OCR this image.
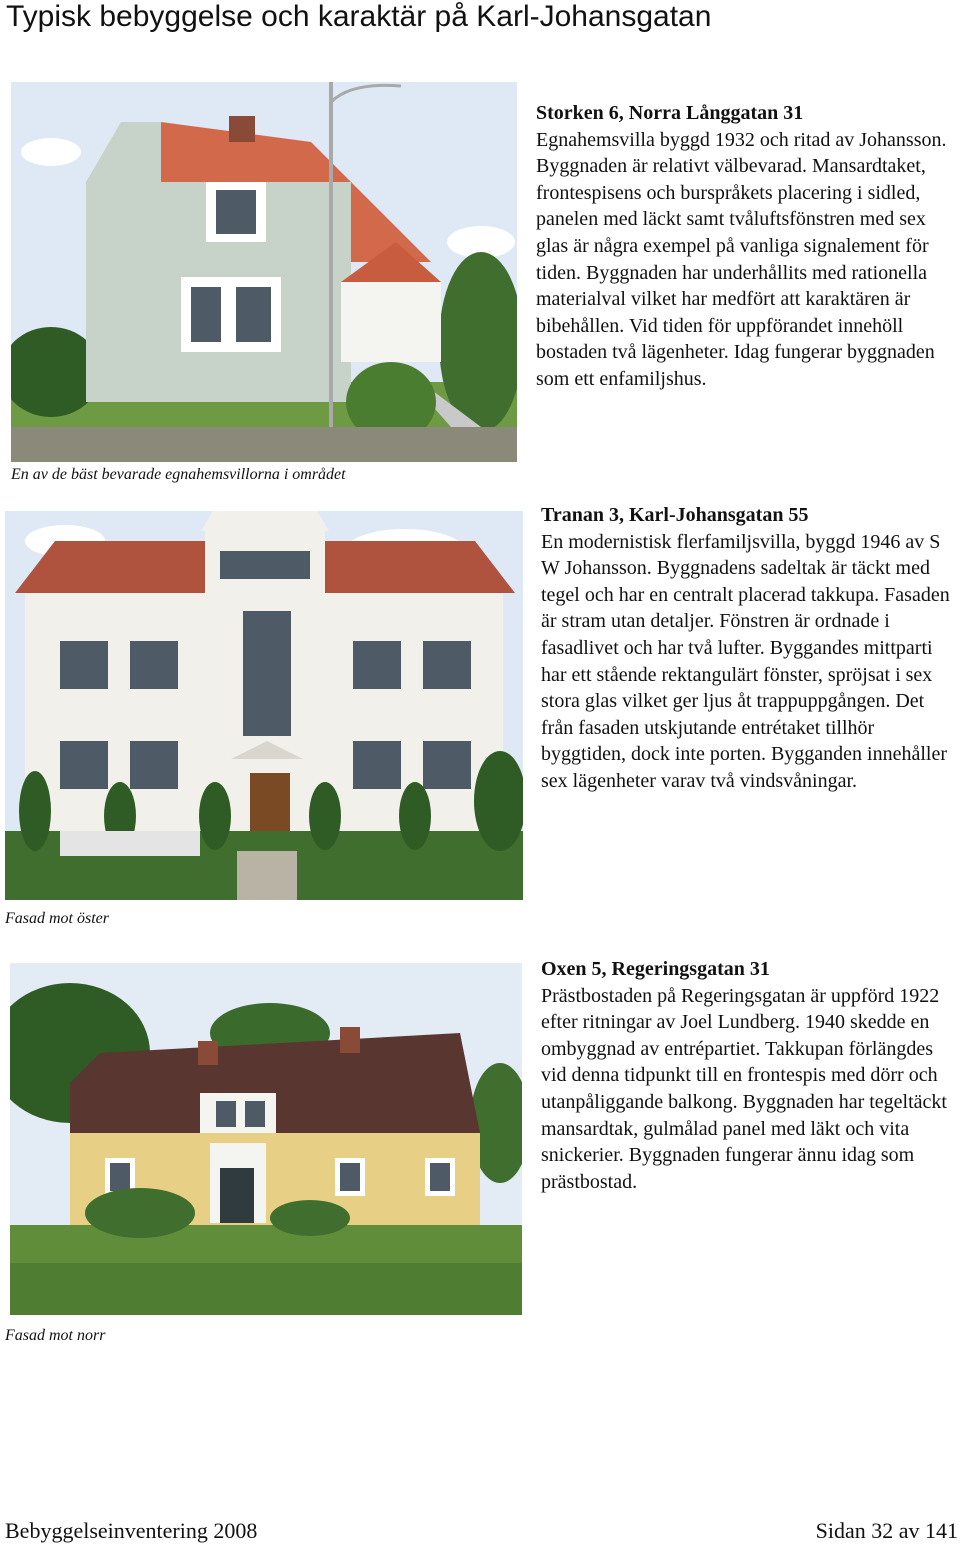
Typisk bebyggelse och karaktär på Karl-Johansgatan
Storken 6, Norra Långgatan 31
Egnahemsvilla byggd 1932 och ritad av Johansson. Byggnaden är relativt välbevarad. Mansardtaket, frontespisens och burspråkets placering i sidled, panelen med läckt samt tvåluftsfönstren med sex glas är några exempel på vanliga signalement för tiden. Byggnaden har underhållits med rationella materialval vilket har medfört att karaktären är bibehållen. Vid tiden för uppförandet innehöll bostaden två lägenheter. Idag fungerar byggnaden som ett enfamiljshus.
En av de bäst bevarade egnahemsvillorna i området
Tranan 3, Karl-Johansgatan 55
En modernistisk flerfamiljsvilla, byggd 1946 av S W Johansson. Byggnadens sadeltak är täckt med tegel och har en centralt placerad takkupa. Fasaden är stram utan detaljer. Fönstren är ordnade i fasadlivet och har två lufter. Byggandes mittparti har ett stående rektangulärt fönster, spröjsat i sex stora glas vilket ger ljus åt trappuppgången. Det från fasaden utskjutande entrétaket tillhör byggtiden, dock inte porten. Bygganden innehåller sex lägenheter varav två vindsvåningar.
Fasad mot öster
Oxen 5, Regeringsgatan 31
Prästbostaden på Regeringsgatan är uppförd 1922 efter ritningar av Joel Lundberg. 1940 skedde en ombyggnad av entrépartiet. Takkupan förlängdes vid denna tidpunkt till en frontespis med dörr och utanpåliggande balkong. Byggnaden har tegeltäckt mansardtak, gulmålad panel med läkt och vita snickerier. Byggnaden fungerar ännu idag som prästbostad.
Fasad mot norr
Bebyggelseinventering 2008	Sidan 32 av 141
